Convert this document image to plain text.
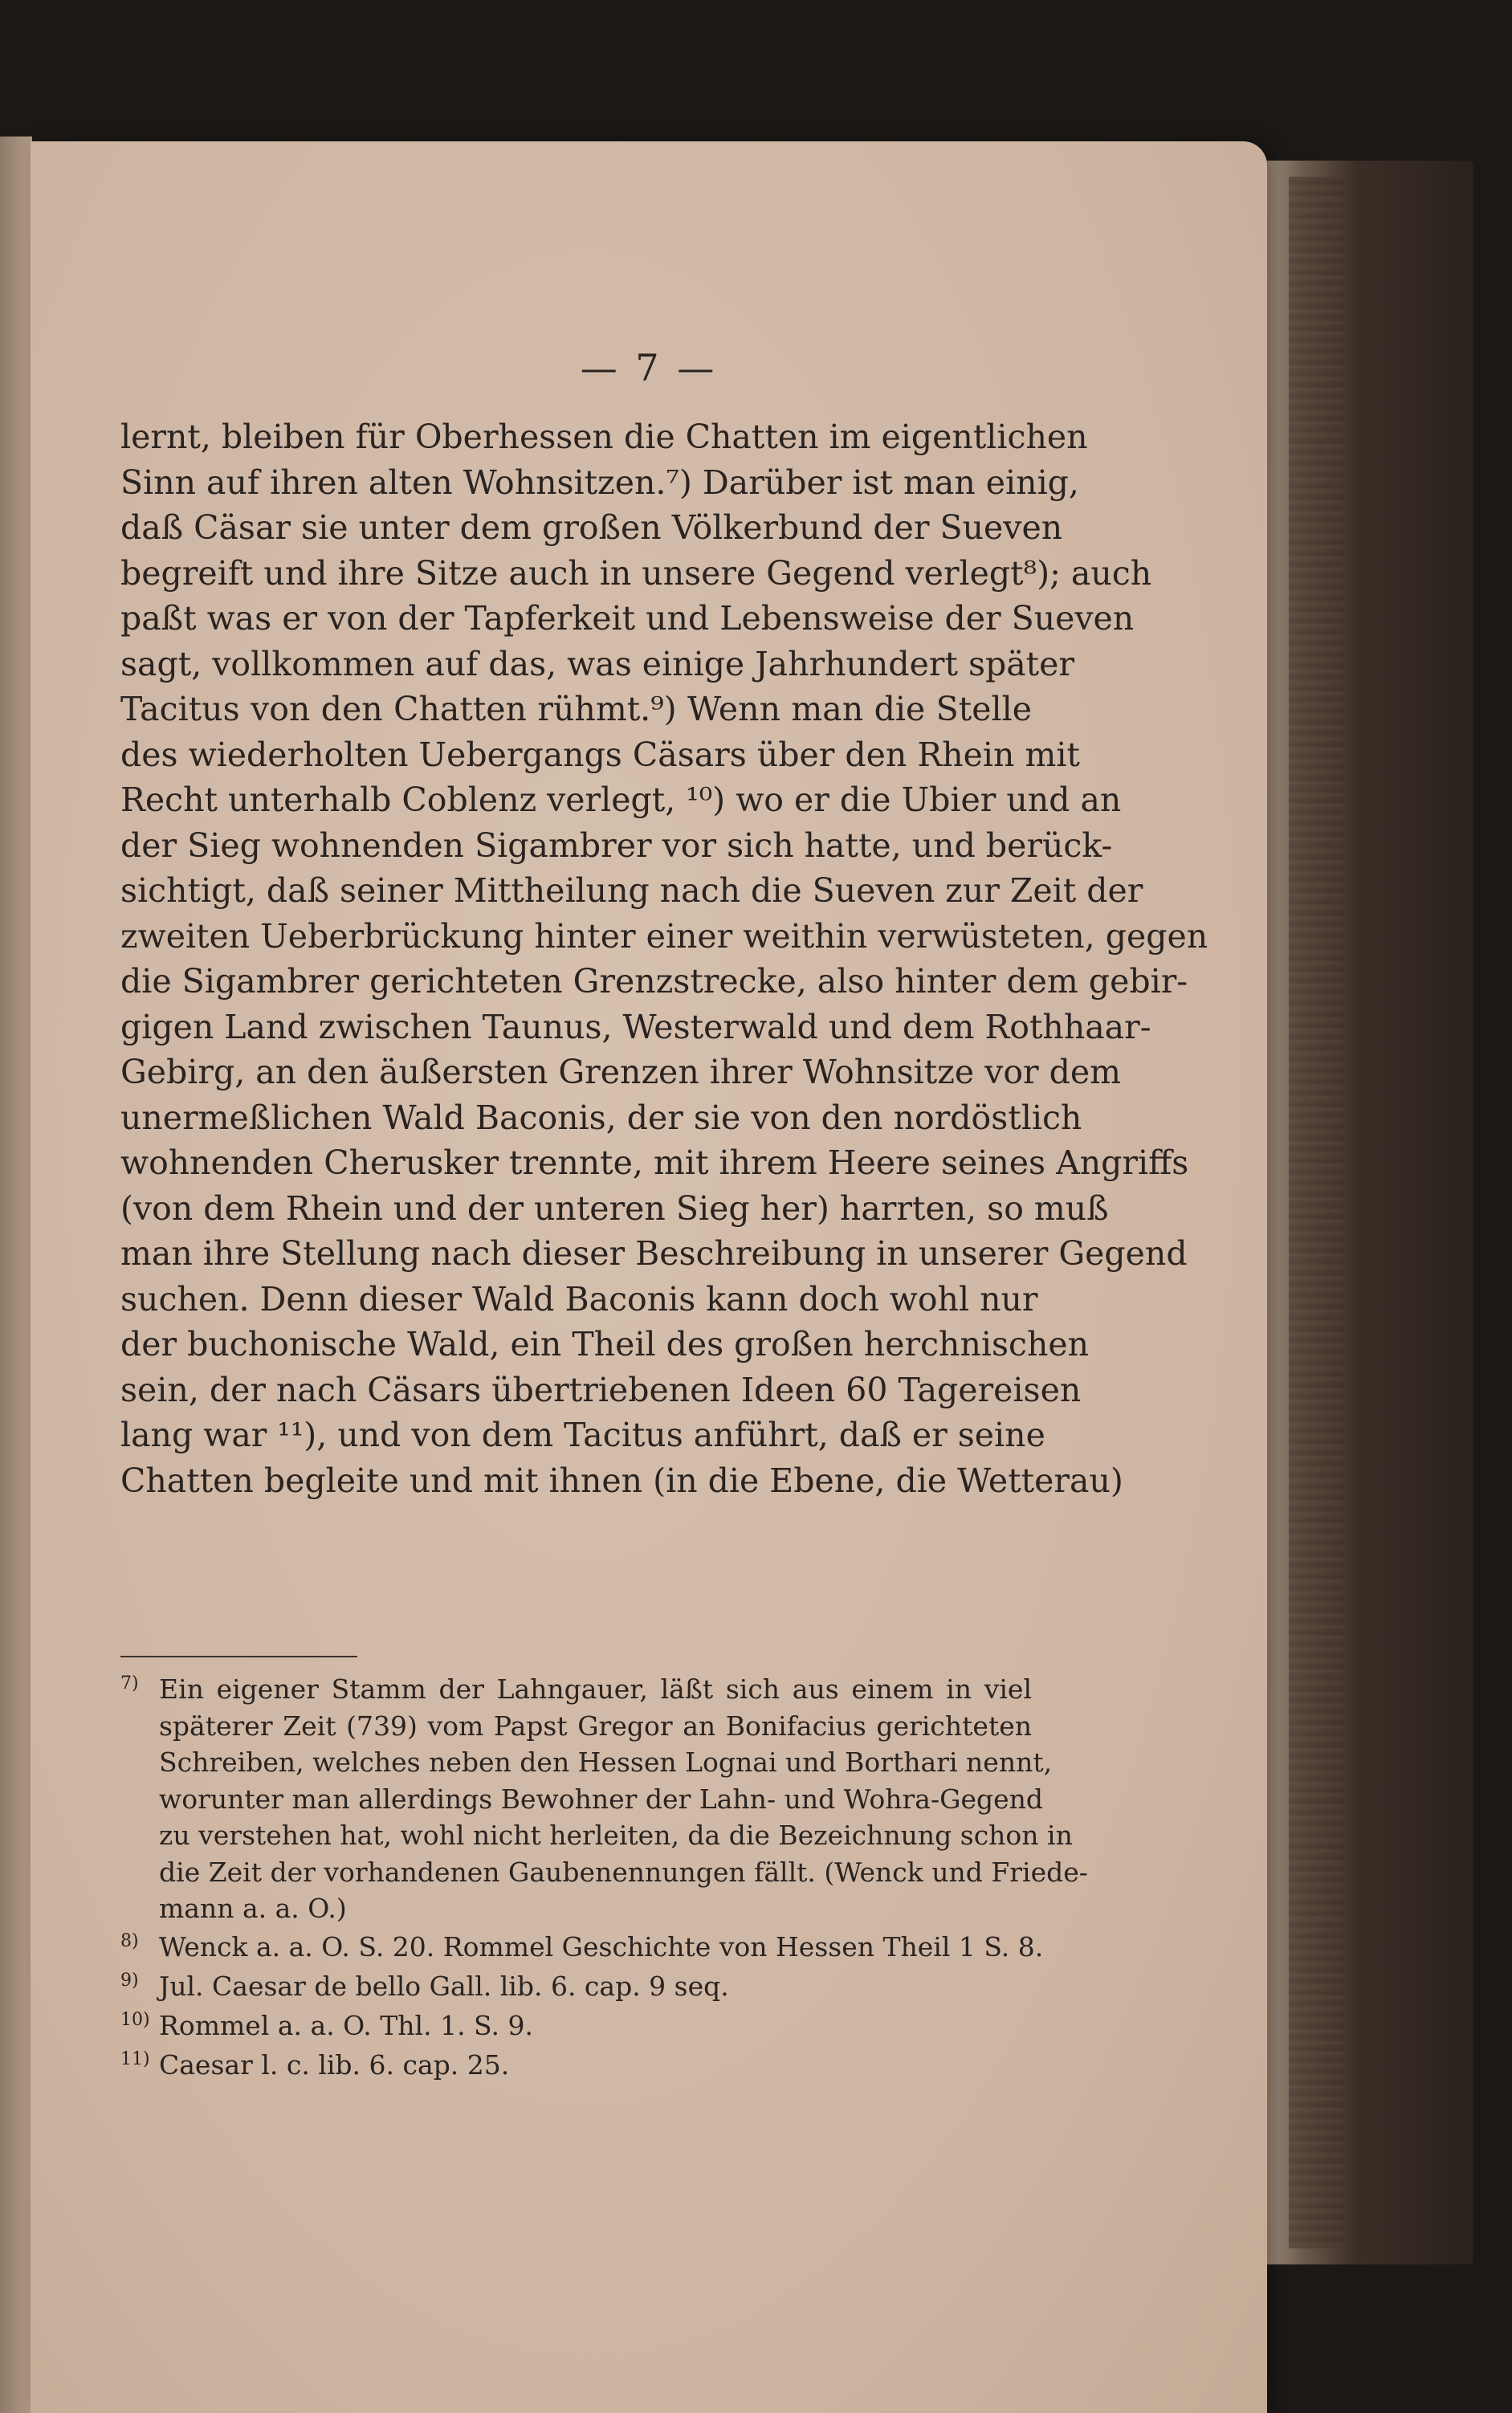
— 7 —
lernt, bleiben für Oberhessen die Chatten im eigentlichen
Sinn auf ihren alten Wohnsitzen.⁷) Darüber ist man einig,
daß Cäsar sie unter dem großen Völkerbund der Sueven
begreift und ihre Sitze auch in unsere Gegend verlegt⁸); auch
paßt was er von der Tapferkeit und Lebensweise der Sueven
sagt, vollkommen auf das, was einige Jahrhundert später
Tacitus von den Chatten rühmt.⁹) Wenn man die Stelle
des wiederholten Uebergangs Cäsars über den Rhein mit
Recht unterhalb Coblenz verlegt, ¹⁰) wo er die Ubier und an
der Sieg wohnenden Sigambrer vor sich hatte, und berück-
sichtigt, daß seiner Mittheilung nach die Sueven zur Zeit der
zweiten Ueberbrückung hinter einer weithin verwüsteten, gegen
die Sigambrer gerichteten Grenzstrecke, also hinter dem gebir-
gigen Land zwischen Taunus, Westerwald und dem Rothhaar-
Gebirg, an den äußersten Grenzen ihrer Wohnsitze vor dem
unermeßlichen Wald Baconis, der sie von den nordöstlich
wohnenden Cherusker trennte, mit ihrem Heere seines Angriffs
(von dem Rhein und der unteren Sieg her) harrten, so muß
man ihre Stellung nach dieser Beschreibung in unserer Gegend
suchen. Denn dieser Wald Baconis kann doch wohl nur
der buchonische Wald, ein Theil des großen herchnischen
sein, der nach Cäsars übertriebenen Ideen 60 Tagereisen
lang war ¹¹), und von dem Tacitus anführt, daß er seine
Chatten begleite und mit ihnen (in die Ebene, die Wetterau)
7) Ein eigener Stamm der Lahngauer, läßt sich aus einem in viel
späterer Zeit (739) vom Papst Gregor an Bonifacius gerichteten
Schreiben, welches neben den Hessen Lognai und Borthari nennt,
worunter man allerdings Bewohner der Lahn- und Wohra-Gegend
zu verstehen hat, wohl nicht herleiten, da die Bezeichnung schon in
die Zeit der vorhandenen Gaubenennungen fällt. (Wenck und Friede-
mann a. a. O.)
8) Wenck a. a. O. S. 20. Rommel Geschichte von Hessen Theil 1 S. 8.
9) Jul. Caesar de bello Gall. lib. 6. cap. 9 seq.
10) Rommel a. a. O. Thl. 1. S. 9.
11) Caesar l. c. lib. 6. cap. 25.
